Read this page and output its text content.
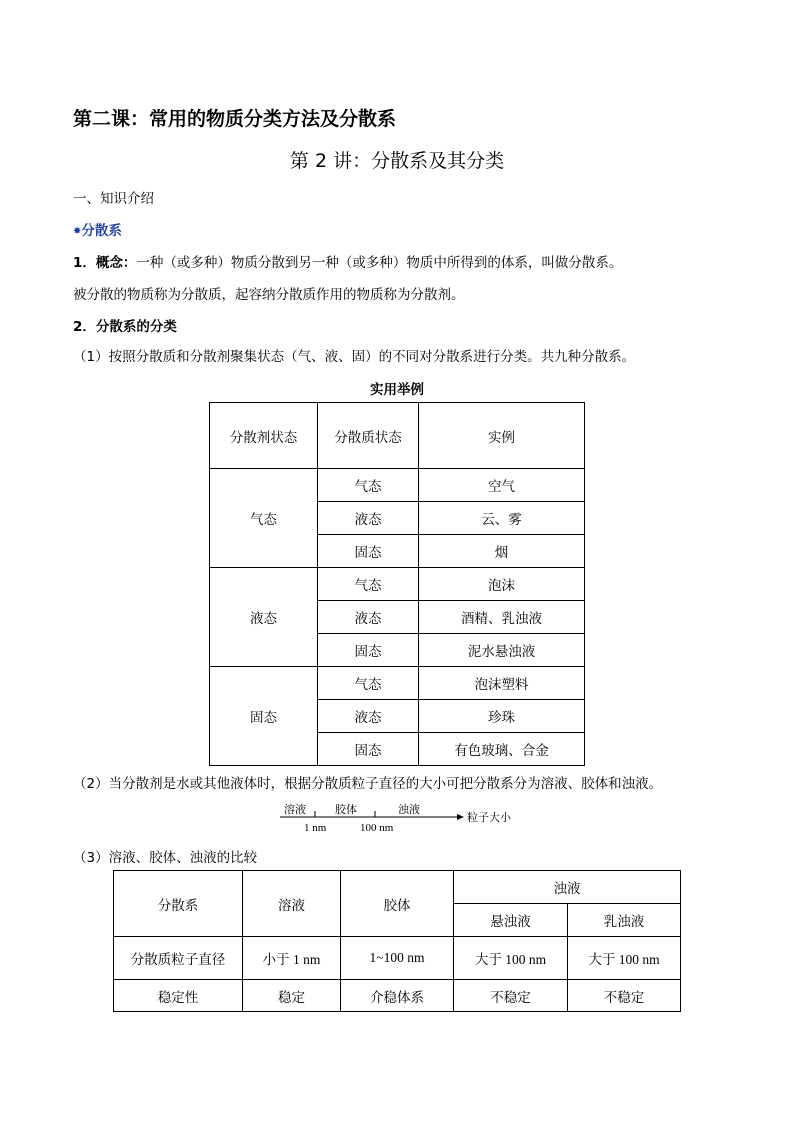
第二课：常用的物质分类方法及分散系
第 2 讲：分散系及其分类
一、知识介绍
✸分散系
1．概念：一种（或多种）物质分散到另一种（或多种）物质中所得到的体系，叫做分散系。
被分散的物质称为分散质，起容纳分散质作用的物质称为分散剂。
2．分散系的分类
（1）按照分散质和分散剂聚集状态（气、液、固）的不同对分散系进行分类。共九种分散系。
实用举例
分散剂状态	分散质状态	实例
气态	气态	空气
	液态	云、雾
	固态	烟
液态	气态	泡沫
	液态	酒精、乳浊液
	固态	泥水悬浊液
固态	气态	泡沫塑料
	液态	珍珠
	固态	有色玻璃、合金
（2）当分散剂是水或其他液体时，根据分散质粒子直径的大小可把分散系分为溶液、胶体和浊液。
溶液	胶体	浊液
1 nm	100 nm
粒子大小
（3）溶液、胶体、浊液的比较
分散系	溶液	胶体	浊液	
			悬浊液	乳浊液
分散质粒子直径	小于 1 nm	1~100 nm	大于 100 nm	大于 100 nm
稳定性	稳定	介稳体系	不稳定	不稳定
